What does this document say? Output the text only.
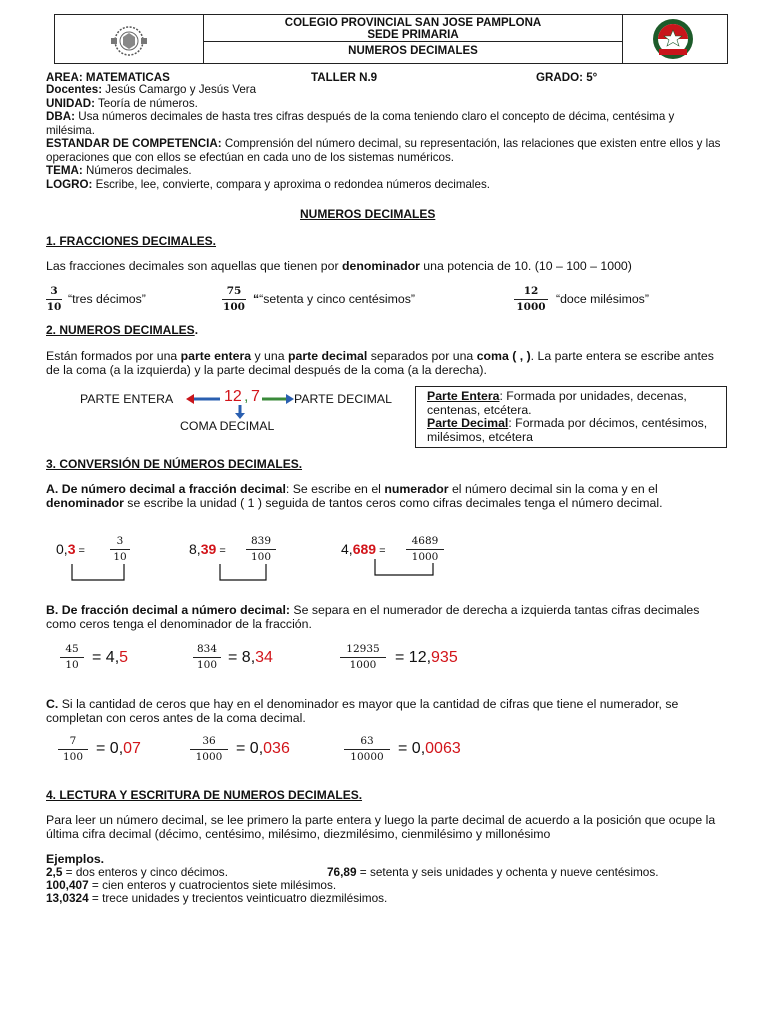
COLEGIO PROVINCIAL SAN JOSE PAMPLONA
SEDE PRIMARIA
NUMEROS DECIMALES
AREA: MATEMATICAS	TALLER N.9	GRADO: 5°
Docentes: Jesús Camargo y Jesús Vera
UNIDAD: Teoría de números.
DBA: Usa números decimales de hasta tres cifras después de la coma teniendo claro el concepto de décima, centésima y milésima.
ESTANDAR DE COMPETENCIA: Comprensión del número decimal, su representación, las relaciones que existen entre ellos y las operaciones que con ellos se efectúan en cada uno de los sistemas numéricos.
TEMA: Números decimales.
LOGRO: Escribe, lee, convierte, compara y aproxima o redondea números decimales.
NUMEROS DECIMALES
1. FRACCIONES DECIMALES.
Las fracciones decimales son aquellas que tienen por denominador una potencia de 10. (10 – 100 – 1000)
3
10
“tres décimos”
75
100
““setenta y cinco centésimos”
12
1000
“doce milésimos”
2. NUMEROS DECIMALES.
Están formados por una parte entera y una parte decimal separados por una coma ( , ). La parte entera se escribe antes de la coma (a la izquierda) y la parte decimal después de la coma (a la derecha).
PARTE ENTERA	12 , 7	PARTE DECIMAL
COMA DECIMAL
Parte Entera: Formada por unidades, decenas, centenas, etcétera.
Parte Decimal: Formada por décimos, centésimos, milésimos, etcétera
3. CONVERSIÓN DE NÚMEROS DECIMALES.
A. De número decimal a fracción decimal: Se escribe en el numerador el número decimal sin la coma y en el denominador se escribe la unidad ( 1 ) seguida de tantos ceros como cifras decimales tenga el número decimal.
0,3 =
3
10	8,39 =
839
100	4,689 =
4689
1000
B. De fracción decimal a número decimal: Se separa en el numerador de derecha a izquierda tantas cifras decimales como ceros tenga el denominador de la fracción.
45
10 = 4,5	834
100 = 8,34	12935
1000	= 12,935
C. Si la cantidad de ceros que hay en el denominador es mayor que la cantidad de cifras que tiene el numerador, se completan con ceros antes de la coma decimal.
7
100 = 0,07	36
1000 = 0,036	63
10000 = 0,0063
4. LECTURA Y ESCRITURA DE NUMEROS DECIMALES.
Para leer un número decimal, se lee primero la parte entera y luego la parte decimal de acuerdo a la posición que ocupe la última cifra decimal (décimo, centésimo, milésimo, diezmilésimo, cienmilésimo y millonésimo
Ejemplos.
2,5 = dos enteros y cinco décimos.	76,89 = setenta y seis unidades y ochenta y nueve centésimos.
100,407 = cien enteros y cuatrocientos siete milésimos.
13,0324 = trece unidades y trecientos veinticuatro diezmilésimos.
